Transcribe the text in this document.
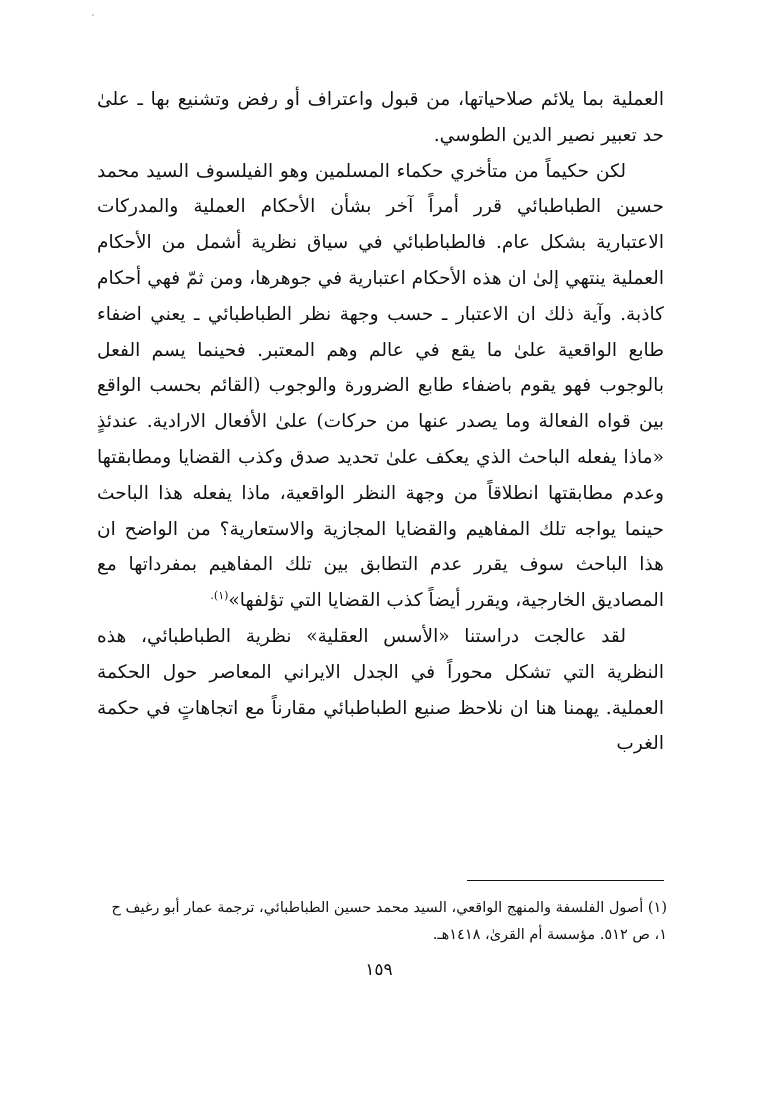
العملية بما يلائم صلاحياتها، من قبول واعتراف أو رفض وتشنيع بها ـ علىٰ حد تعبير نصير الدين الطوسي.

لكن حكيماً من متأخري حكماء المسلمين وهو الفيلسوف السيد محمد حسين الطباطبائي قرر أمراً آخر بشأن الأحكام العملية والمدركات الاعتبارية بشكل عام. فالطباطبائي في سياق نظرية أشمل من الأحكام العملية ينتهي إلىٰ ان هذه الأحكام اعتبارية في جوهرها، ومن ثمّ فهي أحكام كاذبة. وآية ذلك ان الاعتبار ـ حسب وجهة نظر الطباطبائي ـ يعني اضفاء طابع الواقعية علىٰ ما يقع في عالم وهم المعتبر. فحينما يسم الفعل بالوجوب فهو يقوم باضفاء طابع الضرورة والوجوب (القائم بحسب الواقع بين قواه الفعالة وما يصدر عنها من حركات) علىٰ الأفعال الارادية. عندئذٍ «ماذا يفعله الباحث الذي يعكف علىٰ تحديد صدق وكذب القضايا ومطابقتها وعدم مطابقتها انطلاقاً من وجهة النظر الواقعية، ماذا يفعله هذا الباحث حينما يواجه تلك المفاهيم والقضايا المجازية والاستعارية؟ من الواضح ان هذا الباحث سوف يقرر عدم التطابق بين تلك المفاهيم بمفرداتها مع المصاديق الخارجية، ويقرر أيضاً كذب القضايا التي تؤلفها»$^{(١).}$

لقد عالجت دراستنا «الأسس العقلية» نظرية الطباطبائي، هذه النظرية التي تشكل محوراً في الجدل الايراني المعاصر حول الحكمة العملية. يهمنا هنا ان نلاحظ صنيع الطباطبائي مقارناً مع اتجاهاتٍ في حكمة الغرب

(١) أصول الفلسفة والمنهج الواقعي، السيد محمد حسين الطباطبائي، ترجمة عمار أبو رغيف ح ١، ص ٥١٢. مؤسسة أم القرىٰ، ١٤١٨هـ.

١٥٩
